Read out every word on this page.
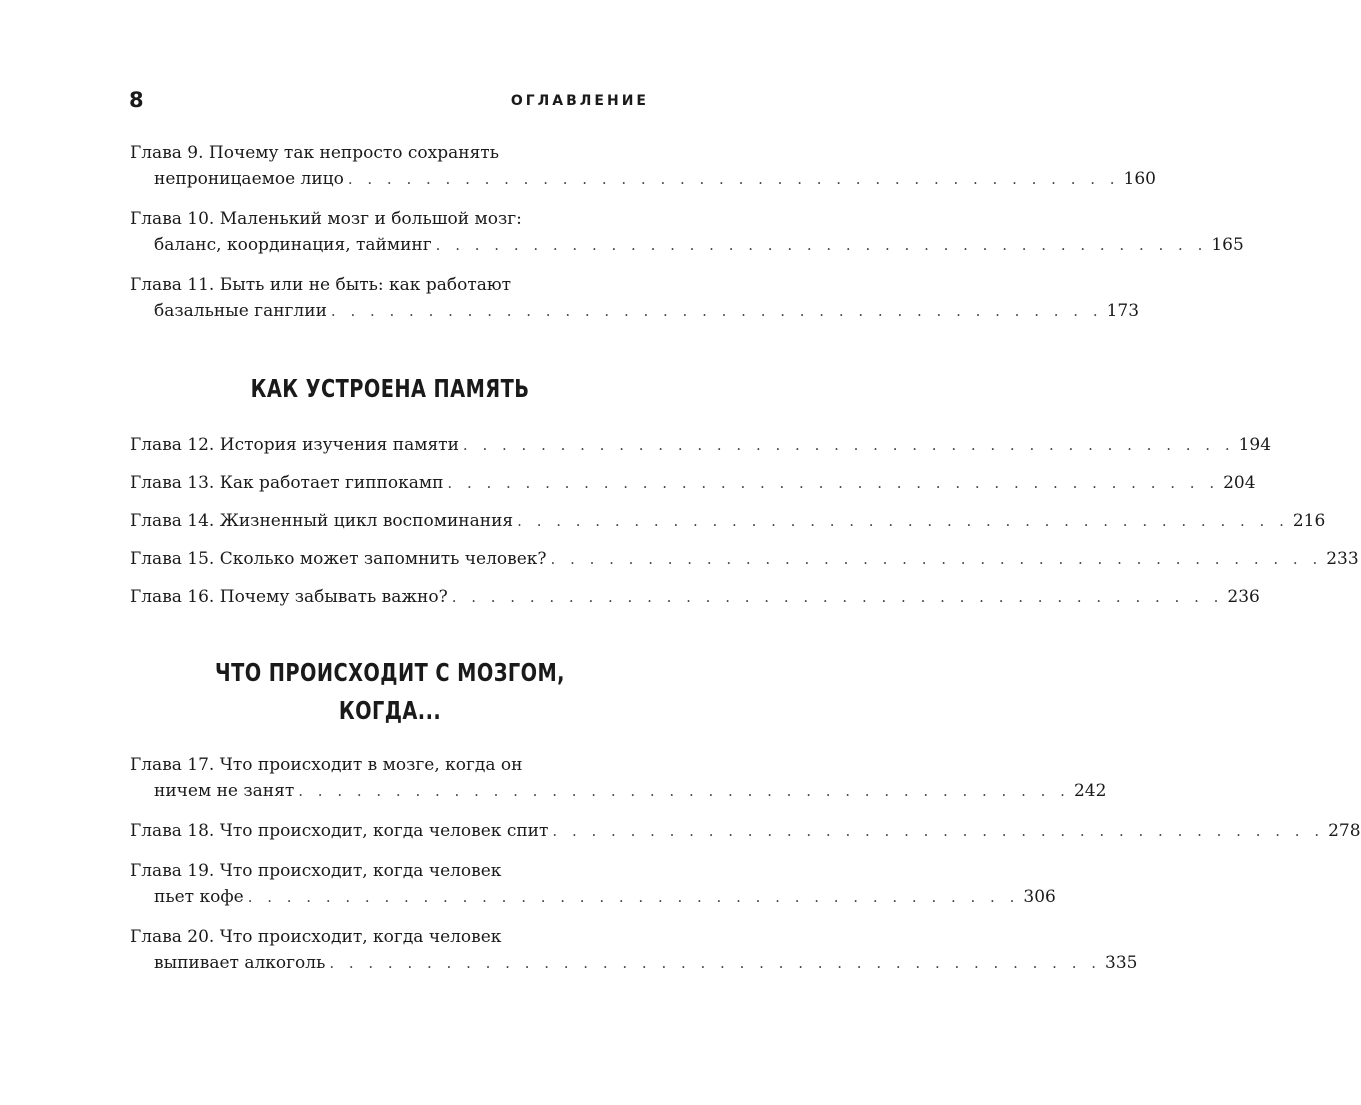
8	ОГЛАВЛЕНИЕ
Глава 9. Почему так непросто сохранять
непроницаемое лицо . . . . . . . . . . . . . . . . . . . . . . . . . . . . . . . . . . . . . . . . 160
Глава 10. Маленький мозг и большой мозг:
баланс, координация, тайминг . . . . . . . . . . . . . . . . . . . . . . . . . . . . . . . . . . . . . . . . 165
Глава 11. Быть или не быть: как работают
базальные ганглии . . . . . . . . . . . . . . . . . . . . . . . . . . . . . . . . . . . . . . . . 173
КАК УСТРОЕНА ПАМЯТЬ
Глава 12. История изучения памяти . . . . . . . . . . . . . . . . . . . . . . . . . . . . . . . . . . . . . . . . 194
Глава 13. Как работает гиппокамп . . . . . . . . . . . . . . . . . . . . . . . . . . . . . . . . . . . . . . . . 204
Глава 14. Жизненный цикл воспоминания . . . . . . . . . . . . . . . . . . . . . . . . . . . . . . . . . . . . . . . . 216
Глава 15. Сколько может запомнить человек? . . . . . . . . . . . . . . . . . . . . . . . . . . . . . . . . . . . . . . . . 233
Глава 16. Почему забывать важно? . . . . . . . . . . . . . . . . . . . . . . . . . . . . . . . . . . . . . . . . 236
ЧТО ПРОИСХОДИТ С МОЗГОМ,
КОГДА...
Глава 17. Что происходит в мозге, когда он
ничем не занят . . . . . . . . . . . . . . . . . . . . . . . . . . . . . . . . . . . . . . . . 242
Глава 18. Что происходит, когда человек спит . . . . . . . . . . . . . . . . . . . . . . . . . . . . . . . . . . . . . . . . 278
Глава 19. Что происходит, когда человек
пьет кофе . . . . . . . . . . . . . . . . . . . . . . . . . . . . . . . . . . . . . . . . 306
Глава 20. Что происходит, когда человек
выпивает алкоголь . . . . . . . . . . . . . . . . . . . . . . . . . . . . . . . . . . . . . . . . 335
